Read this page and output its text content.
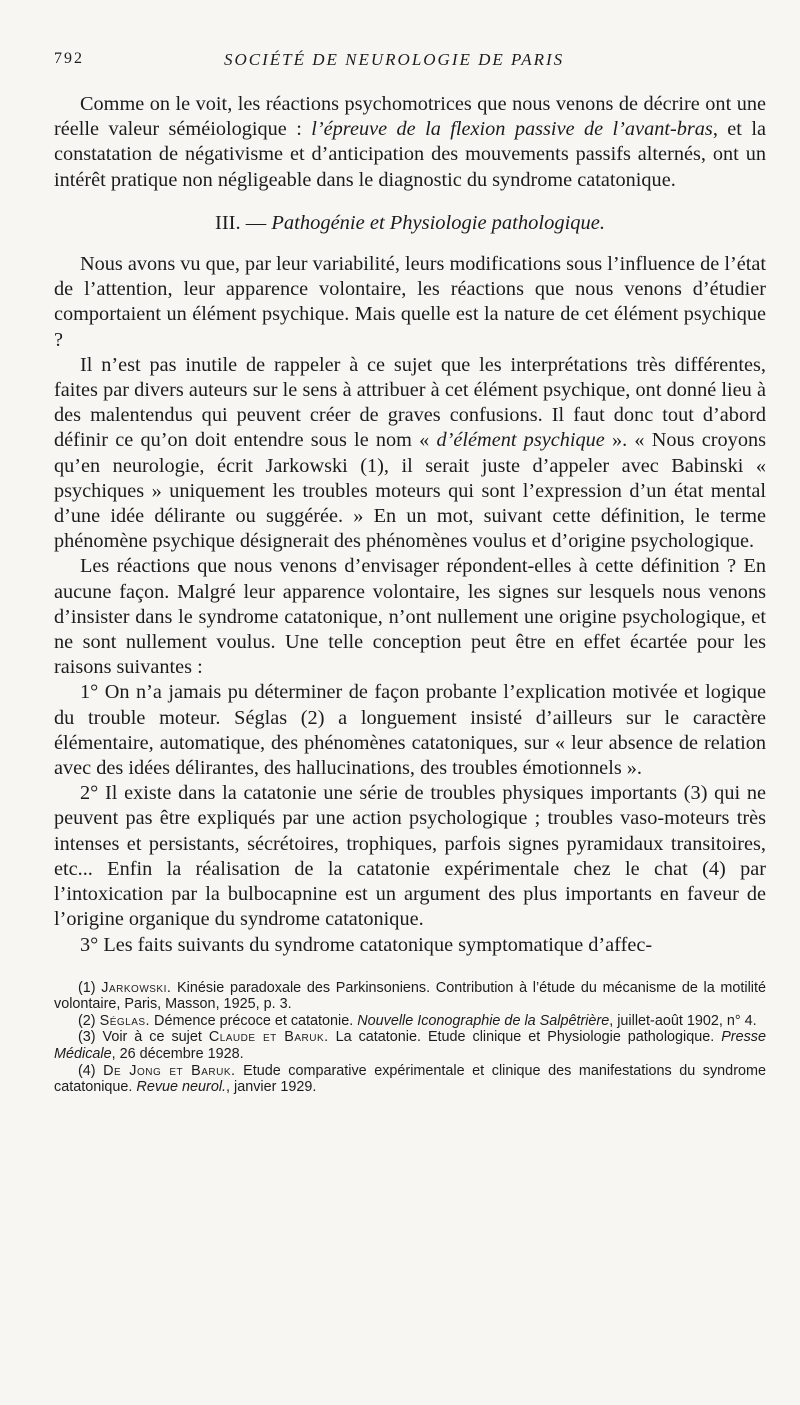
792	SOCIÉTÉ DE NEUROLOGIE DE PARIS

Comme on le voit, les réactions psychomotrices que nous venons de décrire ont une réelle valeur séméiologique : l’épreuve de la flexion passive de l’avant-bras, et la constatation de négativisme et d’anticipation des mouvements passifs alternés, ont un intérêt pratique non négligeable dans le diagnostic du syndrome catatonique.

III. — Pathogénie et Physiologie pathologique.

Nous avons vu que, par leur variabilité, leurs modifications sous l’influence de l’état de l’attention, leur apparence volontaire, les réactions que nous venons d’étudier comportaient un élément psychique. Mais quelle est la nature de cet élément psychique ?

Il n’est pas inutile de rappeler à ce sujet que les interprétations très différentes, faites par divers auteurs sur le sens à attribuer à cet élément psychique, ont donné lieu à des malentendus qui peuvent créer de graves confusions. Il faut donc tout d’abord définir ce qu’on doit entendre sous le nom « d’élément psychique ». « Nous croyons qu’en neurologie, écrit Jarkowski (1), il serait juste d’appeler avec Babinski « psychiques » uniquement les troubles moteurs qui sont l’expression d’un état mental d’une idée délirante ou suggérée. » En un mot, suivant cette définition, le terme phénomène psychique désignerait des phénomènes voulus et d’origine psychologique.

Les réactions que nous venons d’envisager répondent-elles à cette définition ? En aucune façon. Malgré leur apparence volontaire, les signes sur lesquels nous venons d’insister dans le syndrome catatonique, n’ont nullement une origine psychologique, et ne sont nullement voulus. Une telle conception peut être en effet écartée pour les raisons suivantes :

1° On n’a jamais pu déterminer de façon probante l’explication motivée et logique du trouble moteur. Séglas (2) a longuement insisté d’ailleurs sur le caractère élémentaire, automatique, des phénomènes catatoniques, sur « leur absence de relation avec des idées délirantes, des hallucinations, des troubles émotionnels ».

2° Il existe dans la catatonie une série de troubles physiques importants (3) qui ne peuvent pas être expliqués par une action psychologique ; troubles vaso-moteurs très intenses et persistants, sécrétoires, trophiques, parfois signes pyramidaux transitoires, etc... Enfin la réalisation de la catatonie expérimentale chez le chat (4) par l’intoxication par la bulbocapnine est un argument des plus importants en faveur de l’origine organique du syndrome catatonique.

3° Les faits suivants du syndrome catatonique symptomatique d’affec-

(1) Jarkowski. Kinésie paradoxale des Parkinsoniens. Contribution à l’étude du mécanisme de la motilité volontaire, Paris, Masson, 1925, p. 3.

(2) Séglas. Démence précoce et catatonie. Nouvelle Iconographie de la Salpêtrière, juillet-août 1902, n° 4.

(3) Voir à ce sujet Claude et Baruk. La catatonie. Etude clinique et Physiologie pathologique. Presse Médicale, 26 décembre 1928.

(4) De Jong et Baruk. Etude comparative expérimentale et clinique des manifestations du syndrome catatonique. Revue neurol., janvier 1929.
